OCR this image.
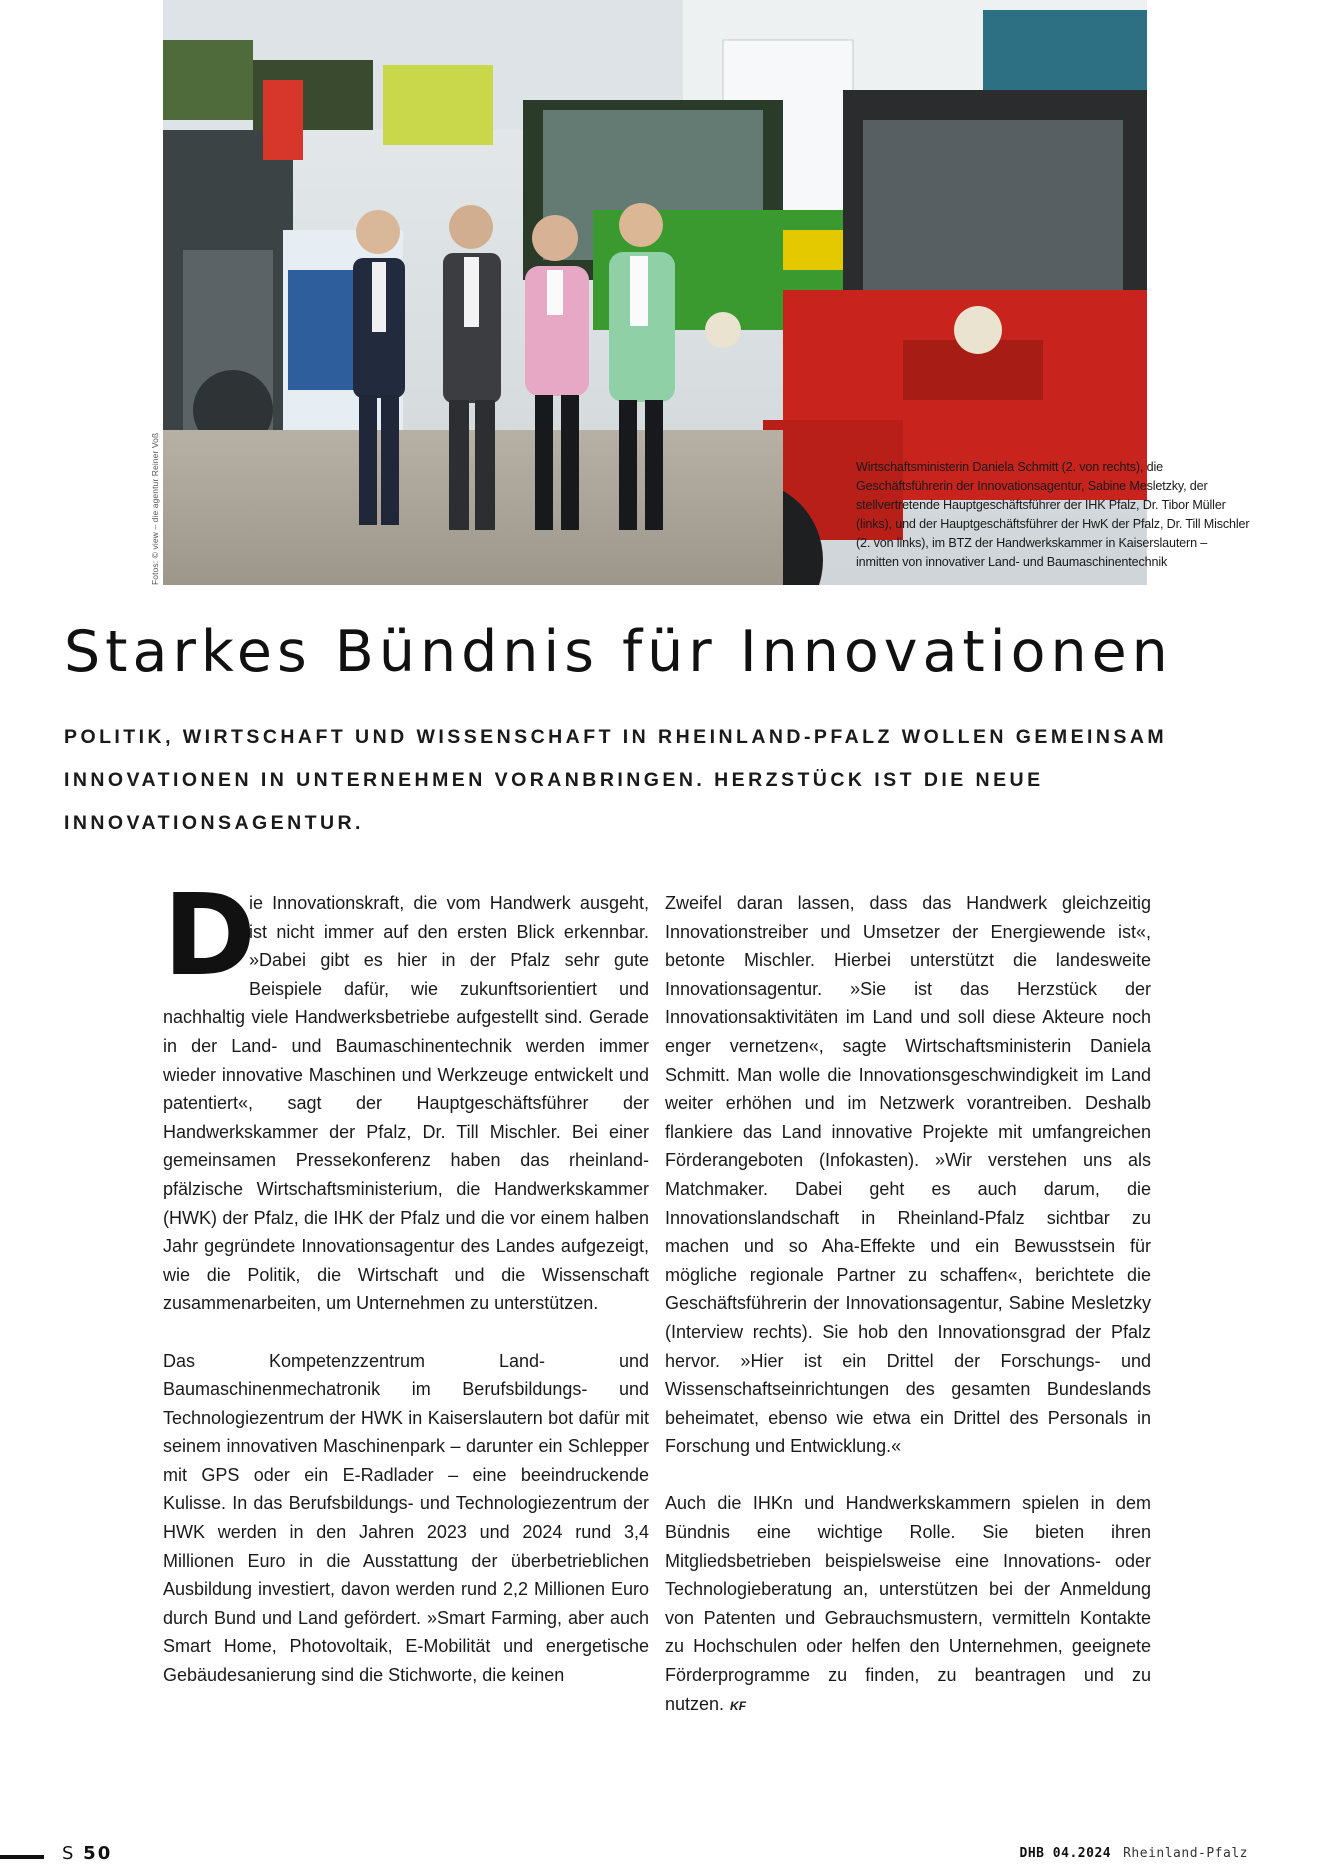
Fotos: © view – die agentur Reiner Voß	Wirtschaftsministerin Daniela Schmitt (2. von rechts), die Geschäftsführerin der Innovationsagentur, Sabine Mesletzky, der stellvertretende Hauptgeschäftsführer der IHK Pfalz, Dr. Tibor Müller (links), und der Hauptgeschäftsführer der HwK der Pfalz, Dr. Till Mischler (2. von links), im BTZ der Handwerkskammer in Kaiserslautern – inmitten von innovativer Land- und Baumaschinentechnik
Starkes Bündnis für Innovationen

POLITIK, WIRTSCHAFT UND WISSENSCHAFT IN RHEINLAND-PFALZ WOLLEN GEMEINSAM INNOVATIONEN IN UNTERNEHMEN VORANBRINGEN. HERZSTÜCK IST DIE NEUE INNOVATIONSAGENTUR.

D
ie Innovationskraft, die vom Handwerk ausgeht, ist nicht immer auf den ersten Blick erkennbar. »Dabei gibt es hier in der Pfalz sehr gute Beispiele dafür, wie zukunftsorientiert und nachhaltig viele Handwerksbetriebe aufgestellt sind. Gerade in der Land- und Baumaschinentechnik werden immer wieder innovative Maschinen und Werkzeuge entwickelt und patentiert«, sagt der Hauptgeschäftsführer der Handwerkskammer der Pfalz, Dr. Till Mischler. Bei einer gemeinsamen Pressekonferenz haben das rheinland-pfälzische Wirtschaftsministerium, die Handwerkskammer (HWK) der Pfalz, die IHK der Pfalz und die vor einem halben Jahr gegründete Innovationsagentur des Landes aufgezeigt, wie die Politik, die Wirtschaft und die Wissenschaft zusammenarbeiten, um Unternehmen zu unterstützen.

Das Kompetenzzentrum Land- und Baumaschinenmechatronik im Berufsbildungs- und Technologiezentrum der HWK in Kaiserslautern bot dafür mit seinem innovativen Maschinenpark – darunter ein Schlepper mit GPS oder ein E-Radlader – eine beeindruckende Kulisse. In das Berufsbildungs- und Technologiezentrum der HWK werden in den Jahren 2023 und 2024 rund 3,4 Millionen Euro in die Ausstattung der überbetrieblichen Ausbildung investiert, davon werden rund 2,2 Millionen Euro durch Bund und Land gefördert. »Smart Farming, aber auch Smart Home, Photovoltaik, E-Mobilität und energetische Gebäudesanierung sind die Stichworte, die keinen

Zweifel daran lassen, dass das Handwerk gleichzeitig Innovationstreiber und Umsetzer der Energiewende ist«, betonte Mischler. Hierbei unterstützt die landesweite Innovationsagentur. »Sie ist das Herzstück der Innovationsaktivitäten im Land und soll diese Akteure noch enger vernetzen«, sagte Wirtschaftsministerin Daniela Schmitt. Man wolle die Innovationsgeschwindigkeit im Land weiter erhöhen und im Netzwerk vorantreiben. Deshalb flankiere das Land innovative Projekte mit umfangreichen Förderangeboten (Infokasten). »Wir verstehen uns als Matchmaker. Dabei geht es auch darum, die Innovationslandschaft in Rheinland-Pfalz sichtbar zu machen und so Aha-Effekte und ein Bewusstsein für mögliche regionale Partner zu schaffen«, berichtete die Geschäftsführerin der Innovationsagentur, Sabine Mesletzky (Interview rechts). Sie hob den Innovationsgrad der Pfalz hervor. »Hier ist ein Drittel der Forschungs- und Wissenschaftseinrichtungen des gesamten Bundeslands beheimatet, ebenso wie etwa ein Drittel des Personals in Forschung und Entwicklung.«

Auch die IHKn und Handwerkskammern spielen in dem Bündnis eine wichtige Rolle. Sie bieten ihren Mitgliedsbetrieben beispielsweise eine Innovations- oder Technologieberatung an, unterstützen bei der Anmeldung von Patenten und Gebrauchsmustern, vermitteln Kontakte zu Hochschulen oder helfen den Unternehmen, geeignete Förderprogramme zu finden, zu beantragen und zu nutzen. KF

S 50	DHB 04.2024 Rheinland-Pfalz
